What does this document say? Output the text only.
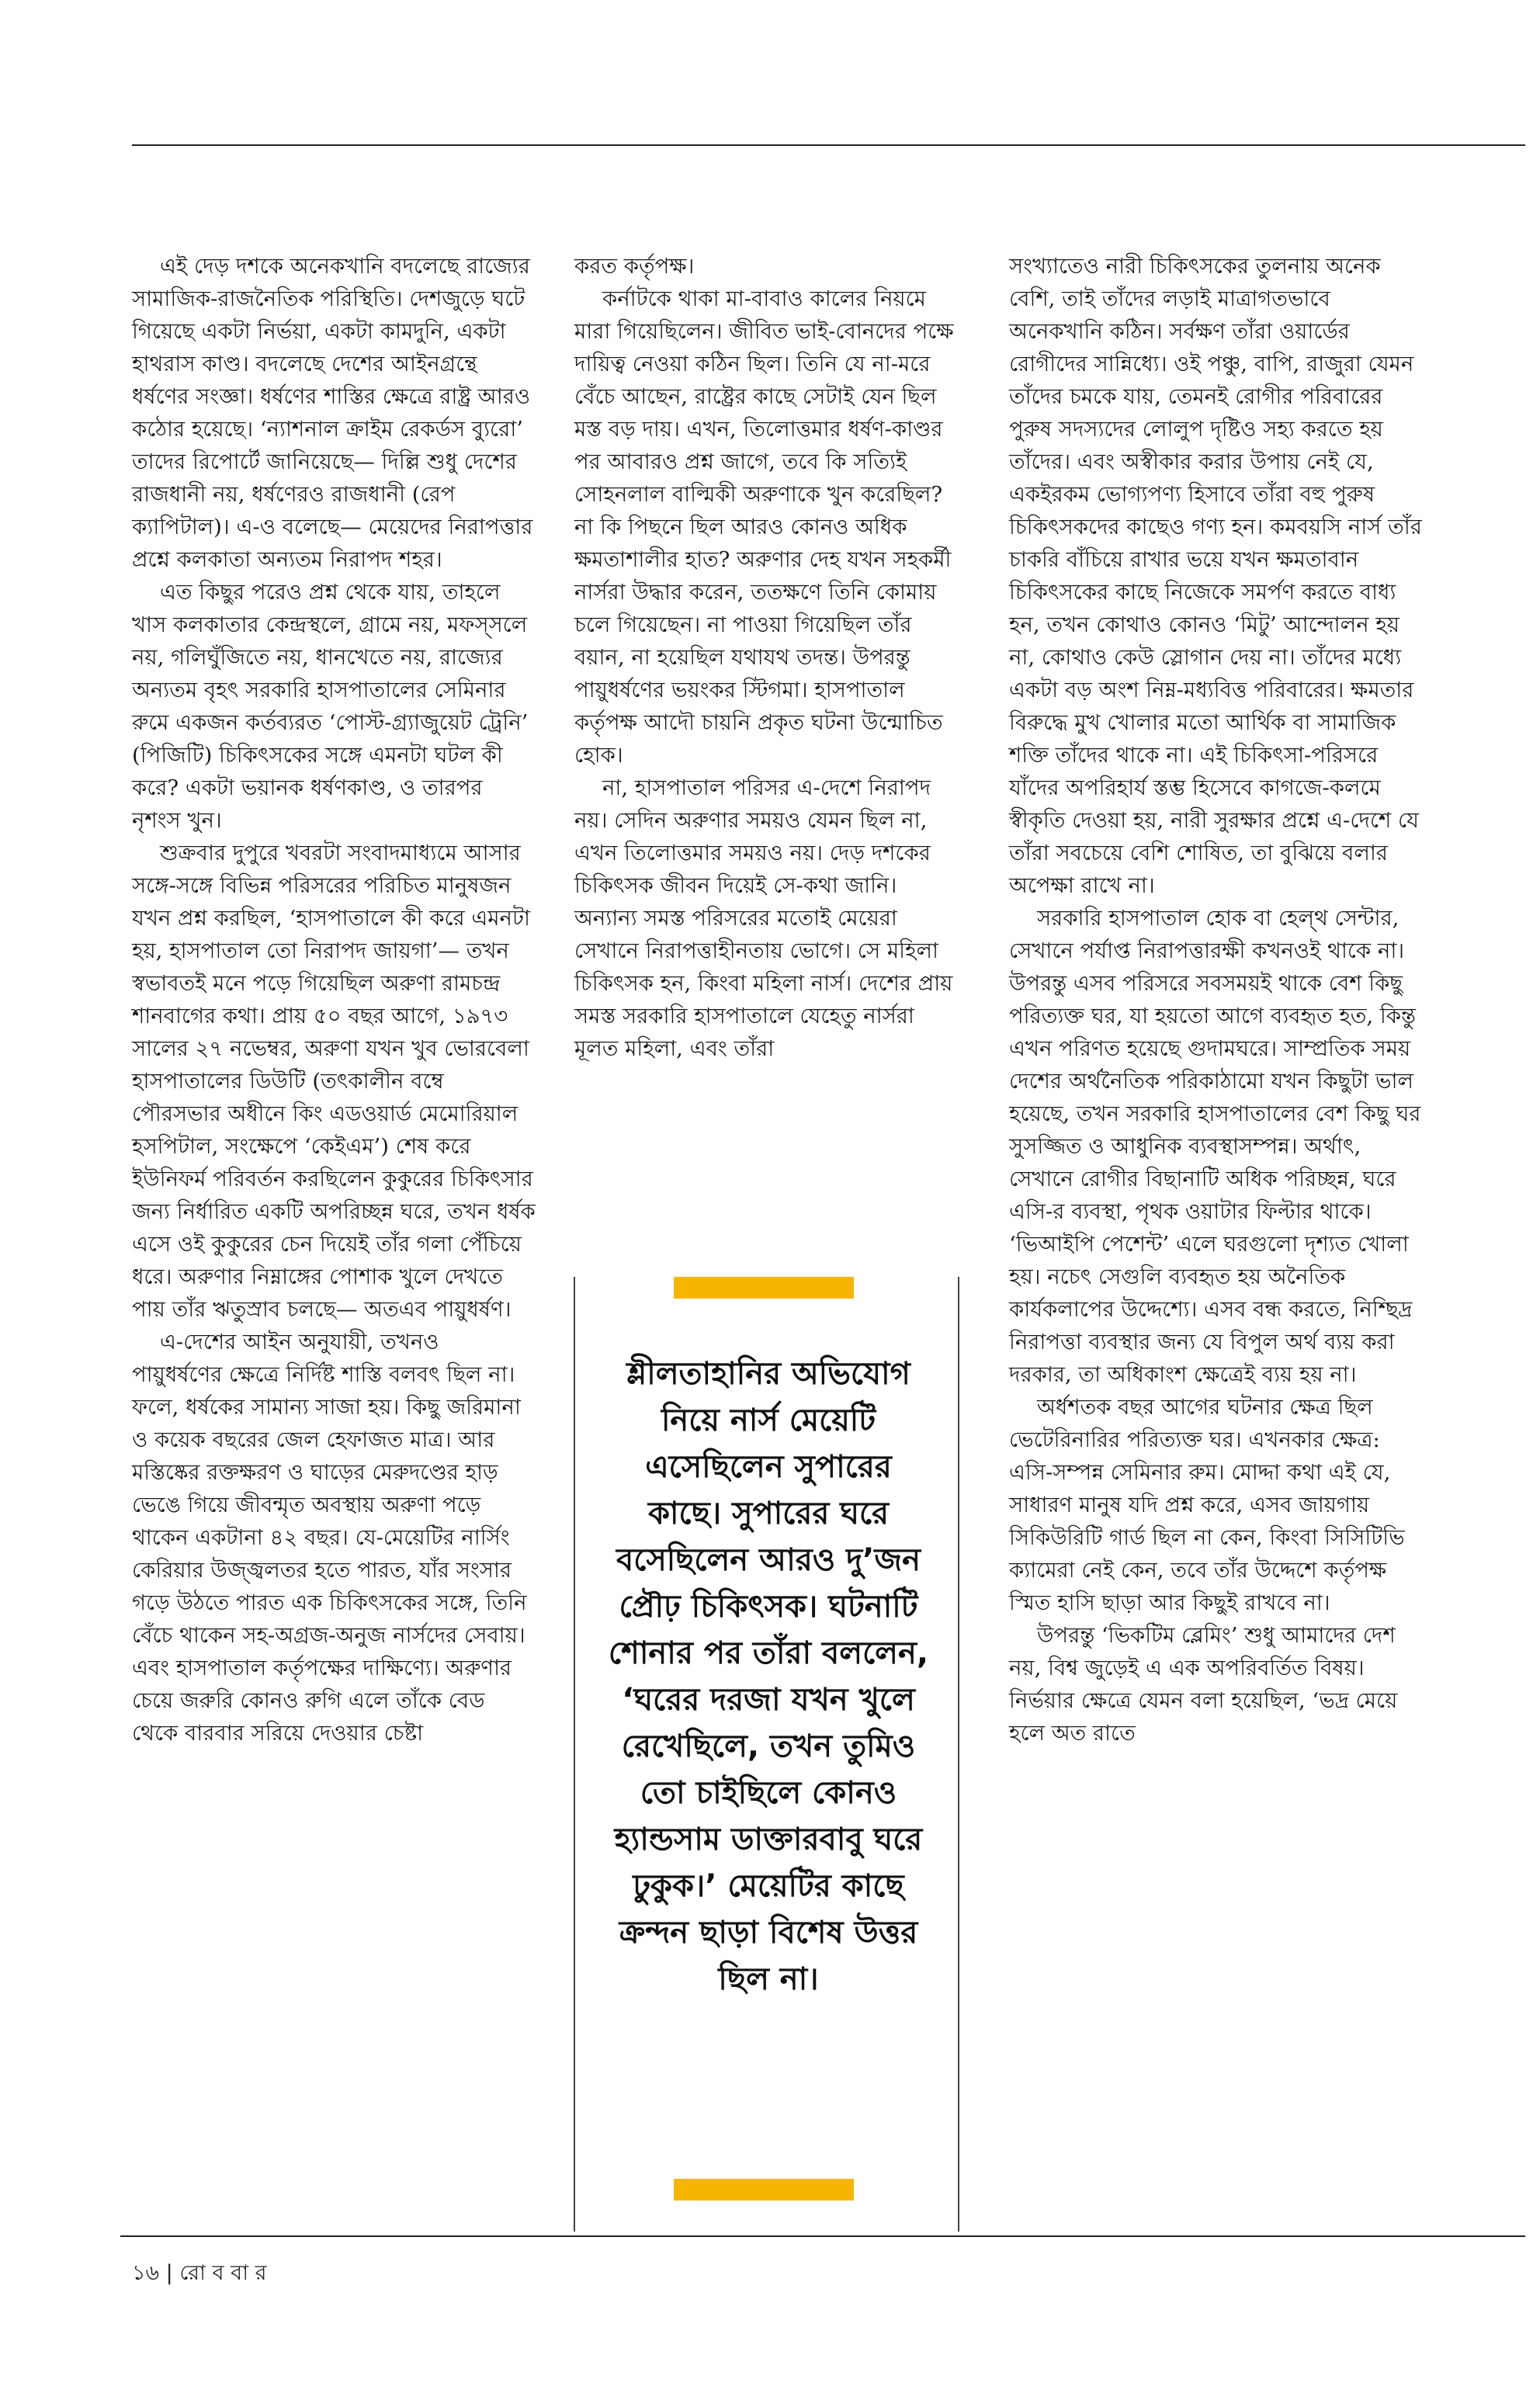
এই দেড় দশকে অনেকখানি বদলেছে রাজ্যের সামাজিক-রাজনৈতিক পরিস্থিতি। দেশজুড়ে ঘটে গিয়েছে একটা নির্ভয়া, একটা কামদুনি, একটা হাথরাস কাণ্ড। বদলেছে দেশের আইনগ্রন্থে ধর্ষণের সংজ্ঞা। ধর্ষণের শাস্তির ক্ষেত্রে রাষ্ট্র আরও কঠোর হয়েছে। ‘ন্যাশনাল ক্রাইম রেকর্ডস ব্যুরো’ তাদের রিপোর্টে জানিয়েছে— দিল্লি শুধু দেশের রাজধানী নয়, ধর্ষণেরও রাজধানী (রেপ ক্যাপিটাল)। এ-ও বলেছে— মেয়েদের নিরাপত্তার প্রশ্নে কলকাতা অন্যতম নিরাপদ শহর।

এত কিছুর পরেও প্রশ্ন থেকে যায়, তাহলে খাস কলকাতার কেন্দ্রস্থলে, গ্রামে নয়, মফস্‌সলে নয়, গলিঘুঁজিতে নয়, ধানখেতে নয়, রাজ্যের অন্যতম বৃহৎ সরকারি হাসপাতালের সেমিনার রুমে একজন কর্তব্যরত ‘পোস্ট-গ্র্যাজুয়েট ট্রেনি’ (পিজিটি) চিকিৎসকের সঙ্গে এমনটা ঘটল কী করে? একটা ভয়ানক ধর্ষণকাণ্ড, ও তারপর নৃশংস খুন।

শুক্রবার দুপুরে খবরটা সংবাদমাধ্যমে আসার সঙ্গে-সঙ্গে বিভিন্ন পরিসরের পরিচিত মানুষজন যখন প্রশ্ন করছিল, ‘হাসপাতালে কী করে এমনটা হয়, হাসপাতাল তো নিরাপদ জায়গা’— তখন স্বভাবতই মনে পড়ে গিয়েছিল অরুণা রামচন্দ্র শানবাগের কথা। প্রায় ৫০ বছর আগে, ১৯৭৩ সালের ২৭ নভেম্বর, অরুণা যখন খুব ভোরবেলা হাসপাতালের ডিউটি (তৎকালীন বম্বে পৌরসভার অধীনে কিং এডওয়ার্ড মেমোরিয়াল হসপিটাল, সংক্ষেপে ‘কেইএম’) শেষ করে ইউনিফর্ম পরিবর্তন করছিলেন কুকুরের চিকিৎসার জন্য নির্ধারিত একটি অপরিচ্ছন্ন ঘরে, তখন ধর্ষক এসে ওই কুকুরের চেন দিয়েই তাঁর গলা পেঁচিয়ে ধরে। অরুণার নিম্নাঙ্গের পোশাক খুলে দেখতে পায় তাঁর ঋতুস্রাব চলছে— অতএব পায়ুধর্ষণ।

এ-দেশের আইন অনুযায়ী, তখনও পায়ুধর্ষণের ক্ষেত্রে নির্দিষ্ট শাস্তি বলবৎ ছিল না। ফলে, ধর্ষকের সামান্য সাজা হয়। কিছু জরিমানা ও কয়েক বছরের জেল হেফাজত মাত্র। আর মস্তিষ্কের রক্তক্ষরণ ও ঘাড়ের মেরুদণ্ডের হাড় ভেঙে গিয়ে জীবন্মৃত অবস্থায় অরুণা পড়ে থাকেন একটানা ৪২ বছর। যে-মেয়েটির নার্সিং কেরিয়ার উজ্জ্বলতর হতে পারত, যাঁর সংসার গড়ে উঠতে পারত এক চিকিৎসকের সঙ্গে, তিনি বেঁচে থাকেন সহ-অগ্রজ-অনুজ নার্সদের সেবায়। এবং হাসপাতাল কর্তৃপক্ষের দাক্ষিণ্যে। অরুণার চেয়ে জরুরি কোনও রুগি এলে তাঁকে বেড থেকে বারবার সরিয়ে দেওয়ার চেষ্টা

করত কর্তৃপক্ষ।

কর্নাটকে থাকা মা-বাবাও কালের নিয়মে মারা গিয়েছিলেন। জীবিত ভাই-বোনদের পক্ষে দায়িত্ব নেওয়া কঠিন ছিল। তিনি যে না-মরে বেঁচে আছেন, রাষ্ট্রের কাছে সেটাই যেন ছিল মস্ত বড় দায়। এখন, তিলোত্তমার ধর্ষণ-কাণ্ডর পর আবারও প্রশ্ন জাগে, তবে কি সত্যিই সোহনলাল বাল্মিকী অরুণাকে খুন করেছিল? না কি পিছনে ছিল আরও কোনও অধিক ক্ষমতাশালীর হাত? অরুণার দেহ যখন সহকর্মী নার্সরা উদ্ধার করেন, ততক্ষণে তিনি কোমায় চলে গিয়েছেন। না পাওয়া গিয়েছিল তাঁর বয়ান, না হয়েছিল যথাযথ তদন্ত। উপরন্তু পায়ুধর্ষণের ভয়ংকর স্টিগমা। হাসপাতাল কর্তৃপক্ষ আদৌ চায়নি প্রকৃত ঘটনা উন্মোচিত হোক।

না, হাসপাতাল পরিসর এ-দেশে নিরাপদ নয়। সেদিন অরুণার সময়ও যেমন ছিল না, এখন তিলোত্তমার সময়ও নয়। দেড় দশকের চিকিৎসক জীবন দিয়েই সে-কথা জানি। অন্যান্য সমস্ত পরিসরের মতোই মেয়েরা সেখানে নিরাপত্তাহীনতায় ভোগে। সে মহিলা চিকিৎসক হন, কিংবা মহিলা নার্স। দেশের প্রায় সমস্ত সরকারি হাসপাতালে যেহেতু নার্সরা মূলত মহিলা, এবং তাঁরা

সংখ্যাতেও নারী চিকিৎসকের তুলনায় অনেক বেশি, তাই তাঁদের লড়াই মাত্রাগতভাবে অনেকখানি কঠিন। সর্বক্ষণ তাঁরা ওয়ার্ডের রোগীদের সান্নিধ্যে। ওই পঞ্চু, বাপি, রাজুরা যেমন তাঁদের চমকে যায়, তেমনই রোগীর পরিবারের পুরুষ সদস্যদের লোলুপ দৃষ্টিও সহ্য করতে হয় তাঁদের। এবং অস্বীকার করার উপায় নেই যে, একইরকম ভোগ্যপণ্য হিসাবে তাঁরা বহু পুরুষ চিকিৎসকদের কাছেও গণ্য হন। কমবয়সি নার্স তাঁর চাকরি বাঁচিয়ে রাখার ভয়ে যখন ক্ষমতাবান চিকিৎসকের কাছে নিজেকে সমর্পণ করতে বাধ্য হন, তখন কোথাও কোনও ‘মিটু’ আন্দোলন হয় না, কোথাও কেউ স্লোগান দেয় না। তাঁদের মধ্যে একটা বড় অংশ নিম্ন-মধ্যবিত্ত পরিবারের। ক্ষমতার বিরুদ্ধে মুখ খোলার মতো আর্থিক বা সামাজিক শক্তি তাঁদের থাকে না। এই চিকিৎসা-পরিসরে যাঁদের অপরিহার্য স্তম্ভ হিসেবে কাগজে-কলমে স্বীকৃতি দেওয়া হয়, নারী সুরক্ষার প্রশ্নে এ-দেশে যে তাঁরা সবচেয়ে বেশি শোষিত, তা বুঝিয়ে বলার অপেক্ষা রাখে না।

সরকারি হাসপাতাল হোক বা হেল্‌থ সেন্টার, সেখানে পর্যাপ্ত নিরাপত্তারক্ষী কখনওই থাকে না। উপরন্তু এসব পরিসরে সবসময়ই থাকে বেশ কিছু পরিত্যক্ত ঘর, যা হয়তো আগে ব্যবহৃত হত, কিন্তু এখন পরিণত হয়েছে গুদামঘরে। সাম্প্রতিক সময় দেশের অর্থনৈতিক পরিকাঠামো যখন কিছুটা ভাল হয়েছে, তখন সরকারি হাসপাতালের বেশ কিছু ঘর সুসজ্জিত ও আধুনিক ব্যবস্থাসম্পন্ন। অর্থাৎ, সেখানে রোগীর বিছানাটি অধিক পরিচ্ছন্ন, ঘরে এসি-র ব্যবস্থা, পৃথক ওয়াটার ফিল্টার থাকে। ‘ভিআইপি পেশেন্ট’ এলে ঘরগুলো দৃশ্যত খোলা হয়। নচেৎ সেগুলি ব্যবহৃত হয় অনৈতিক কার্যকলাপের উদ্দেশ্যে। এসব বন্ধ করতে, নিশ্ছিদ্র নিরাপত্তা ব্যবস্থার জন্য যে বিপুল অর্থ ব্যয় করা দরকার, তা অধিকাংশ ক্ষেত্রেই ব্যয় হয় না।

অর্ধশতক বছর আগের ঘটনার ক্ষেত্র ছিল ভেটেরিনারির পরিত্যক্ত ঘর। এখনকার ক্ষেত্র: এসি-সম্পন্ন সেমিনার রুম। মোদ্দা কথা এই যে, সাধারণ মানুষ যদি প্রশ্ন করে, এসব জায়গায় সিকিউরিটি গার্ড ছিল না কেন, কিংবা সিসিটিভি ক্যামেরা নেই কেন, তবে তাঁর উদ্দেশে কর্তৃপক্ষ স্মিত হাসি ছাড়া আর কিছুই রাখবে না।

উপরন্তু ‘ভিকটিম ব্লেমিং’ শুধু আমাদের দেশ নয়, বিশ্ব জুড়েই এ এক অপরিবর্তিত বিষয়। নির্ভয়ার ক্ষেত্রে যেমন বলা হয়েছিল, ‘ভদ্র মেয়ে হলে অত রাতে

শ্লীলতাহানির অভিযোগ নিয়ে নার্স মেয়েটি এসেছিলেন সুপারের কাছে। সুপারের ঘরে বসেছিলেন আরও দু’জন প্রৌঢ় চিকিৎসক। ঘটনাটি শোনার পর তাঁরা বললেন, ‘ঘরের দরজা যখন খুলে রেখেছিলে, তখন তুমিও তো চাইছিলে কোনও হ্যান্ডসাম ডাক্তারবাবু ঘরে ঢুকুক।’ মেয়েটির কাছে ক্রন্দন ছাড়া বিশেষ উত্তর ছিল না।
১৬ | রো ব বা র
